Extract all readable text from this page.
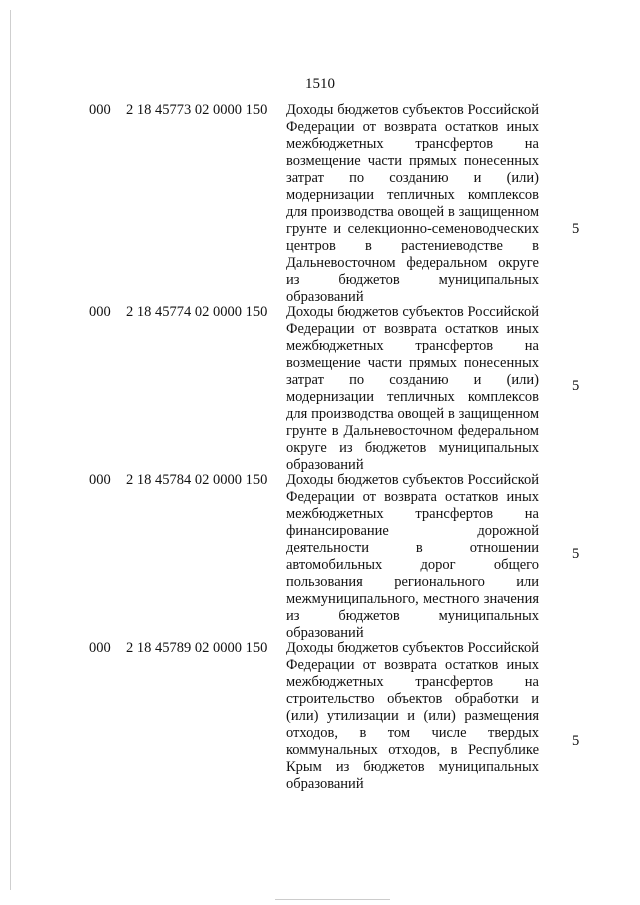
1510
000 2 18 45773 02 0000 150 Доходы бюджетов субъектов Российской Федерации от возврата остатков иных межбюджетных трансфертов на возмещение части прямых понесенных затрат по созданию и (или) модернизации тепличных комплексов для производства овощей в защищенном грунте и селекционно-семеноводческих центров в растениеводстве в Дальневосточном федеральном округе из бюджетов муниципальных образований
5
000 2 18 45774 02 0000 150 Доходы бюджетов субъектов Российской Федерации от возврата остатков иных межбюджетных трансфертов на возмещение части прямых понесенных затрат по созданию и (или) модернизации тепличных комплексов для производства овощей в защищенном грунте в Дальневосточном федеральном округе из бюджетов муниципальных образований
5
000 2 18 45784 02 0000 150 Доходы бюджетов субъектов Российской Федерации от возврата остатков иных межбюджетных трансфертов на финансирование дорожной деятельности в отношении автомобильных дорог общего пользования регионального или межмуниципального, местного значения из бюджетов муниципальных образований
5
000 2 18 45789 02 0000 150 Доходы бюджетов субъектов Российской Федерации от возврата остатков иных межбюджетных трансфертов на строительство объектов обработки и (или) утилизации и (или) размещения отходов, в том числе твердых коммунальных отходов, в Республике Крым из бюджетов муниципальных образований
5
